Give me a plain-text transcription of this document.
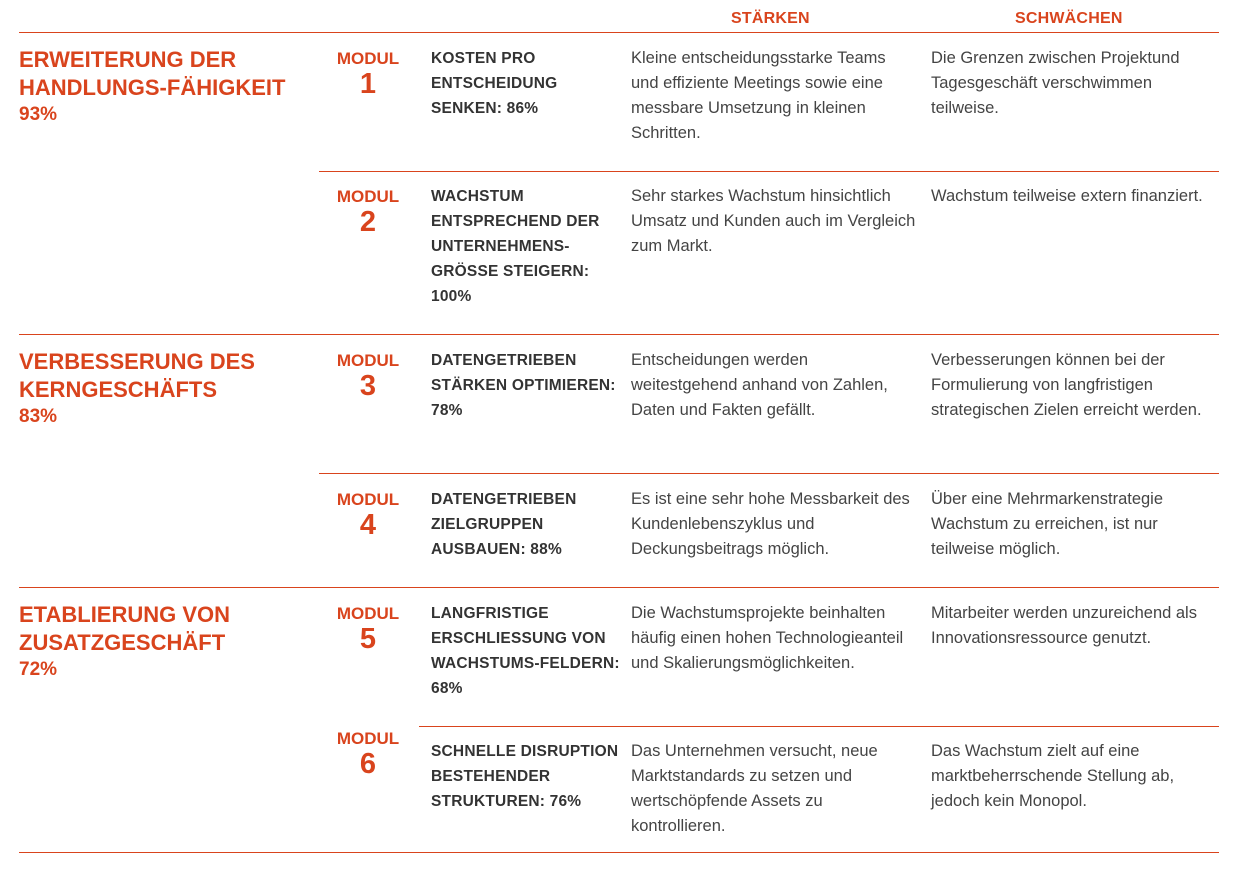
STÄRKEN	SCHWÄCHEN
ERWEITERUNG DER HANDLUNGS-FÄHIGKEIT
93%
VERBESSERUNG DES KERNGESCHÄFTS
83%
ETABLIERUNG VON ZUSATZGESCHÄFT
72%
MODUL
1
KOSTEN PRO ENTSCHEIDUNG SENKEN: 86%
Kleine entscheidungsstarke Teams und effiziente Meetings sowie eine messbare Umsetzung in kleinen Schritten.
Die Grenzen zwischen Projektund Tagesgeschäft verschwimmen teilweise.
MODUL
2
WACHSTUM ENTSPRECHEND DER UNTERNEHMENS-GRÖSSE STEIGERN: 100%
Sehr starkes Wachstum hinsichtlich Umsatz und Kunden auch im Vergleich zum Markt.
Wachstum teilweise extern finanziert.
MODUL
3
DATENGETRIEBEN STÄRKEN OPTIMIEREN: 78%
Entscheidungen werden weitestgehend anhand von Zahlen, Daten und Fakten gefällt.
Verbesserungen können bei der Formulierung von langfristigen strategischen Zielen erreicht werden.
MODUL
4
DATENGETRIEBEN ZIELGRUPPEN AUSBAUEN: 88%
Es ist eine sehr hohe Messbarkeit des Kundenlebenszyklus und Deckungsbeitrags möglich.
Über eine Mehrmarkenstrategie Wachstum zu erreichen, ist nur teilweise möglich.
MODUL
5
LANGFRISTIGE ERSCHLIESSUNG VON WACHSTUMS-FELDERN: 68%
Die Wachstumsprojekte beinhalten häufig einen hohen Technologieanteil und Skalierungsmöglichkeiten.
Mitarbeiter werden unzureichend als Innovationsressource genutzt.
MODUL
6	SCHNELLE DISRUPTION BESTEHENDER STRUKTUREN: 76%
Das Unternehmen versucht, neue Marktstandards zu setzen und wertschöpfende Assets zu kontrollieren.
Das Wachstum zielt auf eine marktbeherrschende Stellung ab, jedoch kein Monopol.
